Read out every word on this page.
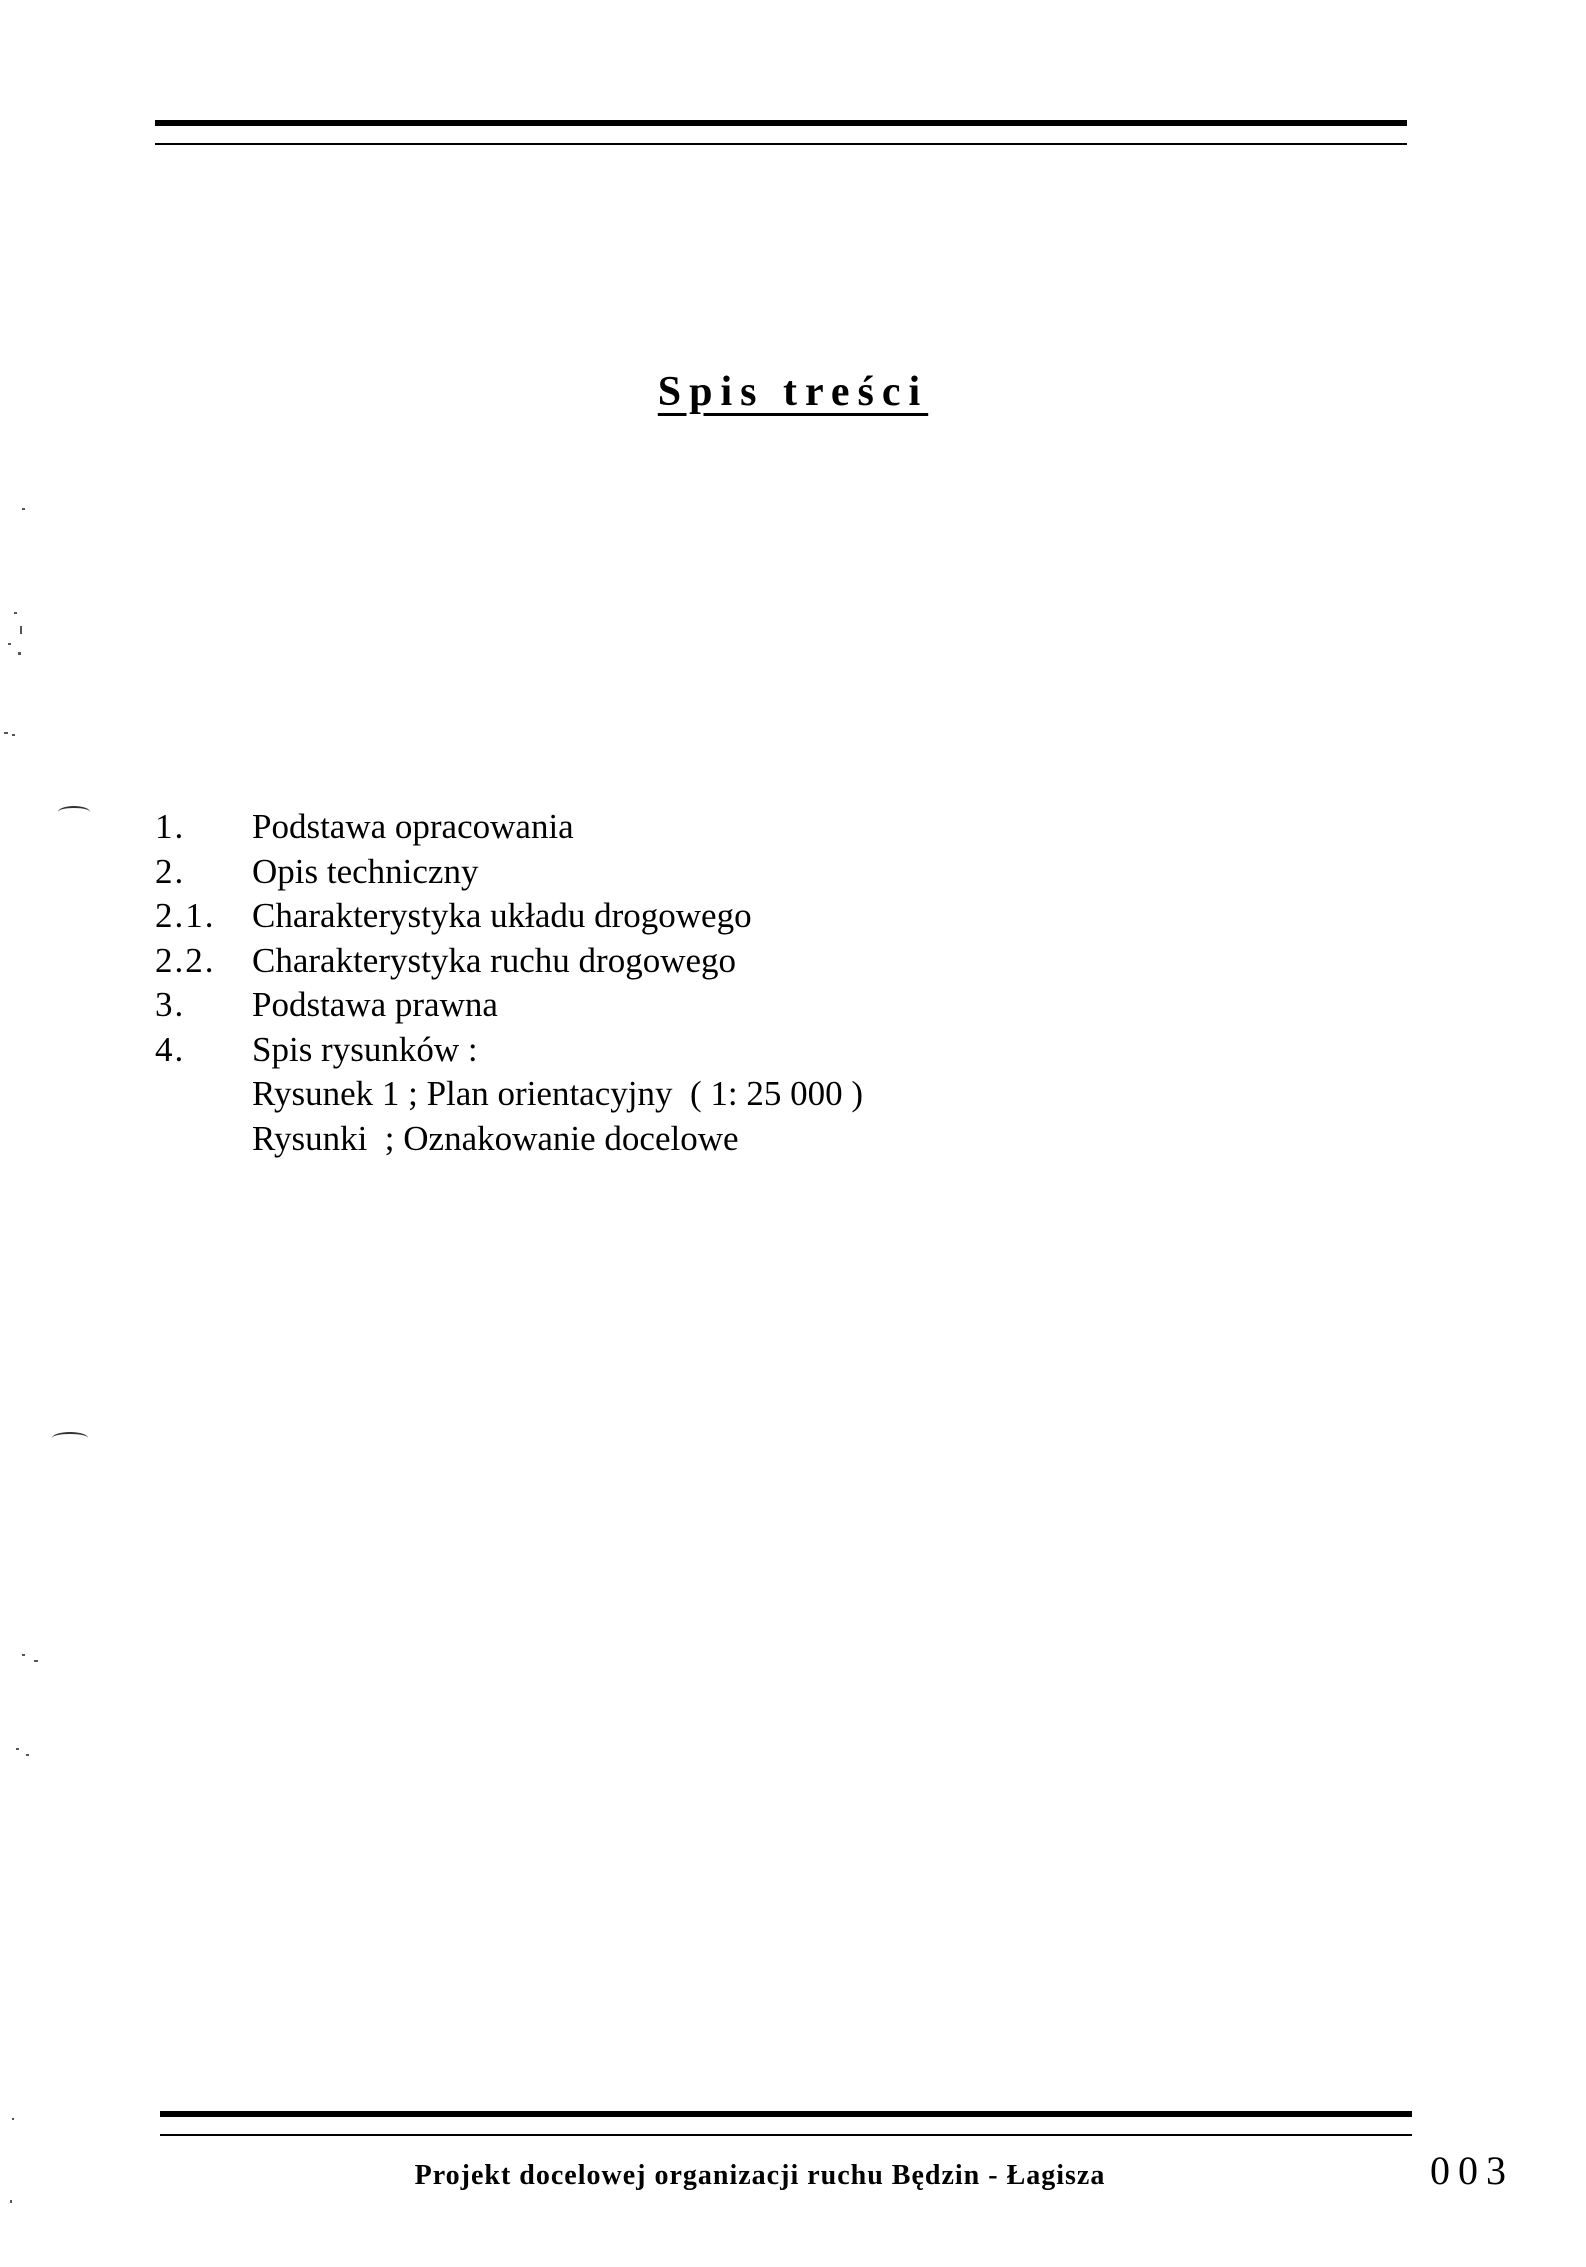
Spis treści
1.	Podstawa opracowania
2.	Opis techniczny
2.1.	Charakterystyka układu drogowego
2.2.	Charakterystyka ruchu drogowego
3.	Podstawa prawna
4.	Spis rysunków :
Rysunek 1 ; Plan orientacyjny  ( 1: 25 000 )
Rysunki  ; Oznakowanie docelowe
Projekt docelowej organizacji ruchu Będzin - Łagisza	003
